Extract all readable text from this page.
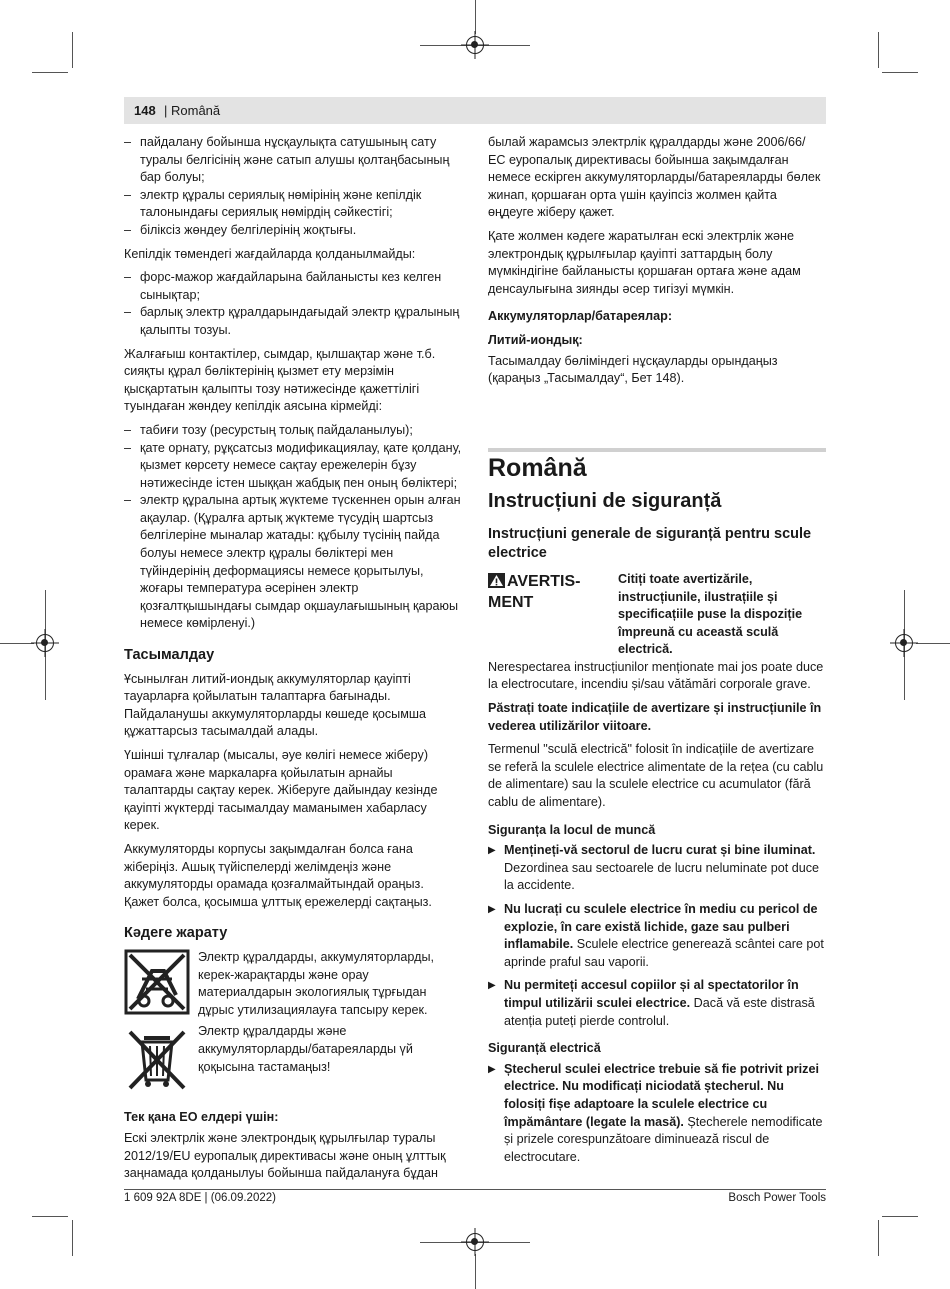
148 | Română
– пайдалану бойынша нұсқаулықта сатушының сату туралы белгісінің және сатып алушы қолтаңбасының бар болуы;
– электр құралы сериялық нөмірінің және кепілдік талонындағы сериялық нөмірдің сәйкестігі;
– біліксіз жөндеу белгілерінің жоқтығы.

Кепілдік төмендегі жағдайларда қолданылмайды:

– форс-мажор жағдайларына байланысты кез келген сынықтар;
– барлық электр құралдарындағыдай электр құралының қалыпты тозуы.

Жалғағыш контактілер, сымдар, қылшақтар және т.б. сияқты құрал бөліктерінің қызмет ету мерзімін қысқартатын қалыпты тозу нәтижесінде қажеттілігі туындаған жөндеу кепілдік аясына кірмейді:

– табиғи тозу (ресурстың толық пайдаланылуы);
– қате орнату, рұқсатсыз модификациялау, қате қолдану, қызмет көрсету немесе сақтау ережелерін бұзу нәтижесінде істен шыққан жабдық пен оның бөліктері;
– электр құралына артық жүктеме түскеннен орын алған ақаулар. (Құралға артық жүктеме түсудің шартсыз белгілеріне мыналар жатады: құбылу түсінің пайда болуы немесе электр құралы бөліктері мен түйіндерінің деформациясы немесе қорытылуы, жоғары температура әсерінен электр қозғалтқышындағы сымдар оқшаулағышының қараюы немесе көмірленуі.)
Тасымалдау

Ұсынылған литий-иондық аккумуляторлар қауіпті тауарларға қойылатын талаптарға бағынады. Пайдаланушы аккумуляторларды көшеде қосымша құжаттарсыз тасымалдай алады.

Үшінші тұлғалар (мысалы, әуе көлігі немесе жіберу) орамаға және маркаларға қойылатын арнайы талаптарды сақтау керек. Жіберуге дайындау кезінде қауіпті жүктерді тасымалдау маманымен хабарласу керек.

Аккумуляторды корпусы зақымдалған болса ғана жіберіңіз. Ашық түйіспелерді желімдеңіз және аккумуляторды орамада қозғалмайтындай ораңыз. Қажет болса, қосымша ұлттық ережелерді сақтаңыз.

Кәдеге жарату

Электр құралдарды, аккумуляторларды, керек-жарақтарды және орау материалдарын экологиялық тұрғыдан дұрыс утилизациялауға тапсыру керек.

Электр құралдарды және аккумуляторларды/батареяларды үй қоқысына тастамаңыз!

Тек қана ЕО елдері үшін:

Ескі электрлік және электрондық құрылғылар туралы 2012/19/EU еуропалық директивасы және оның ұлттық заңнамада қолданылуы бойынша пайдалануға бұдан

былай жарамсыз электрлік құралдарды және 2006/66/ ЕС еуропалық директивасы бойынша зақымдалған немесе ескірген аккумуляторларды/батареяларды бөлек жинап, қоршаған орта үшін қауіпсіз жолмен қайта өңдеуге жіберу қажет.

Қате жолмен кәдеге жаратылған ескі электрлік және электрондық құрылғылар қауіпті заттардың болу мүмкіндігіне байланысты қоршаған ортаға және адам денсаулығына зиянды әсер тигізуі мүмкін.

Аккумуляторлар/батареялар:
Литий-иондық:

Тасымалдау бөліміндегі нұсқауларды орындаңыз (қараңыз „Тасымалдау“, Бет 148).

Română
Instrucțiuni de siguranță
Instrucțiuni generale de siguranță pentru scule electrice
AVERTIS-MENT
Citiți toate avertizările, instrucțiunile, ilustrațiile și specificațiile puse la dispoziție împreună cu această sculă electrică.

Nerespectarea instrucțiunilor menționate mai jos poate duce la electrocutare, incendiu și/sau vătămări corporale grave.

Păstrați toate indicațiile de avertizare și instrucțiunile în vederea utilizărilor viitoare.

Termenul "sculă electrică" folosit în indicațiile de avertizare se referă la sculele electrice alimentate de la rețea (cu cablu de alimentare) sau la sculele electrice cu acumulator (fără cablu de alimentare).

Siguranța la locul de muncă
▶ Mențineți-vă sectorul de lucru curat și bine iluminat. Dezordinea sau sectoarele de lucru neluminate pot duce la accidente.
▶ Nu lucrați cu sculele electrice în mediu cu pericol de explozie, în care există lichide, gaze sau pulberi inflamabile. Sculele electrice generează scântei care pot aprinde praful sau vaporii.
▶ Nu permiteți accesul copiilor și al spectatorilor în timpul utilizării sculei electrice. Dacă vă este distrasă atenția puteți pierde controlul.
Siguranță electrică
▶ Ștecherul sculei electrice trebuie să fie potrivit prizei electrice. Nu modificați niciodată ștecherul. Nu folosiți fișe adaptoare la sculele electrice cu împământare (legate la masă). Ștecherele nemodificate și prizele corespunzătoare diminuează riscul de electrocutare.
1 609 92A 8DE | (06.09.2022)	Bosch Power Tools
